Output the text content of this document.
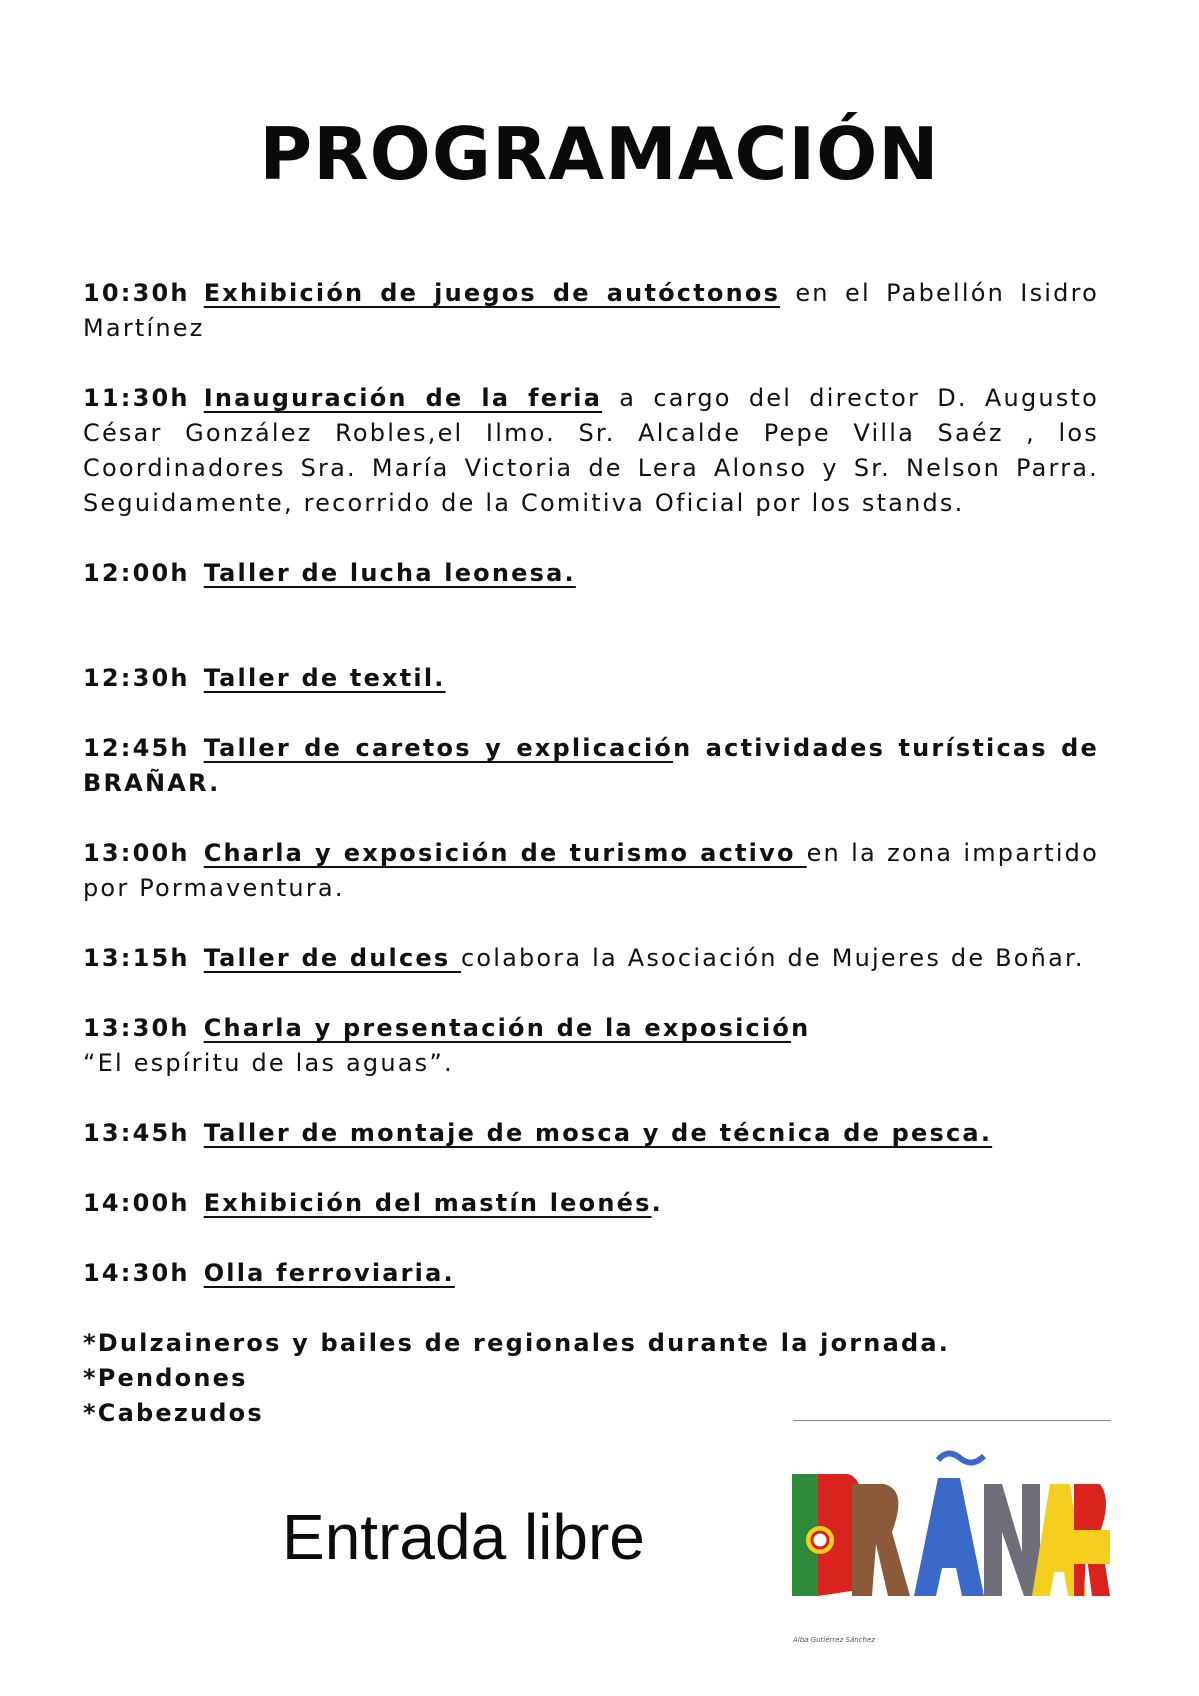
PROGRAMACIÓN
10:30h Exhibición de juegos de autóctonos en el Pabellón Isidro Martínez
11:30h Inauguración de la feria a cargo del director D. Augusto César González Robles,el Ilmo. Sr. Alcalde Pepe Villa Saéz , los Coordinadores Sra. María Victoria de Lera Alonso y Sr. Nelson Parra. Seguidamente, recorrido de la Comitiva Oficial por los stands.
12:00h Taller de lucha leonesa.
12:30h Taller de textil.
12:45h Taller de caretos y explicación actividades turísticas de BRAÑAR.
13:00h Charla y exposición de turismo activo en la zona impartido por Pormaventura.
13:15h Taller de dulces colabora la Asociación de Mujeres de Boñar.
13:30h Charla y presentación de la exposición
“El espíritu de las aguas”.
13:45h Taller de montaje de mosca y de técnica de pesca.
14:00h Exhibición del mastín leonés.
14:30h Olla ferroviaria.
*Dulzaineros y bailes de regionales durante la jornada.
*Pendones
*Cabezudos
Entrada libre
Alba Gutiérrez Sánchez
